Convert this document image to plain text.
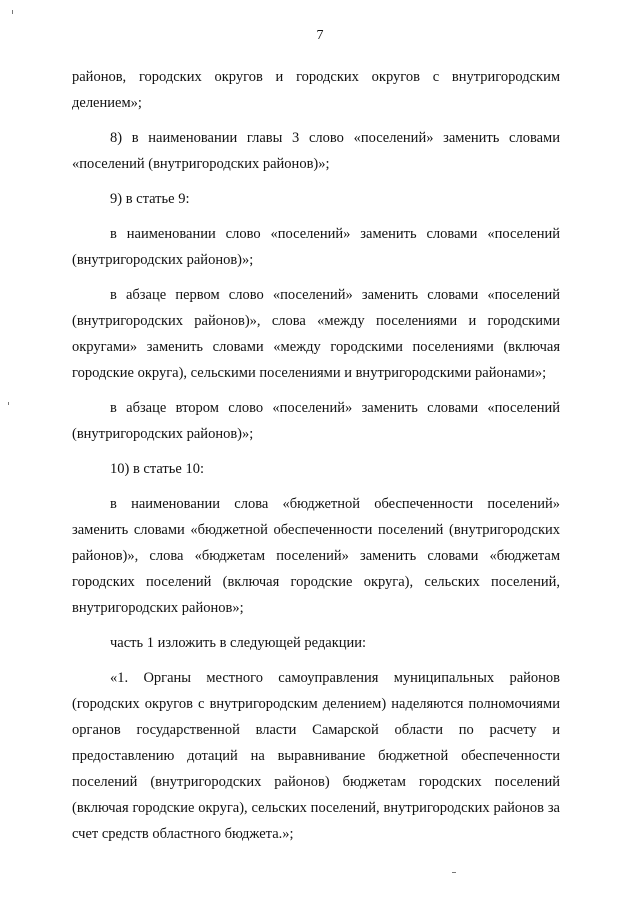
7

районов, городских округов и городских округов с внутригородским делением»;

8) в наименовании главы 3 слово «поселений» заменить словами «поселений (внутригородских районов)»;

9) в статье 9:

в наименовании слово «поселений» заменить словами «поселений (внутригородских районов)»;

в абзаце первом слово «поселений» заменить словами «поселений (внутригородских районов)», слова «между поселениями и городскими округами» заменить словами «между городскими поселениями (включая городские округа), сельскими поселениями и внутригородскими районами»;

в абзаце втором слово «поселений» заменить словами «поселений (внутригородских районов)»;

10) в статье 10:

в наименовании слова «бюджетной обеспеченности поселений» заменить словами «бюджетной обеспеченности поселений (внутригородских районов)», слова «бюджетам поселений» заменить словами «бюджетам городских поселений (включая городские округа), сельских поселений, внутригородских районов»;

часть 1 изложить в следующей редакции:

«1. Органы местного самоуправления муниципальных районов (городских округов с внутригородским делением) наделяются полномочиями органов государственной власти Самарской области по расчету и предоставлению дотаций на выравнивание бюджетной обеспеченности поселений (внутригородских районов) бюджетам городских поселений (включая городские округа), сельских поселений, внутригородских районов за счет средств областного бюджета.»;
